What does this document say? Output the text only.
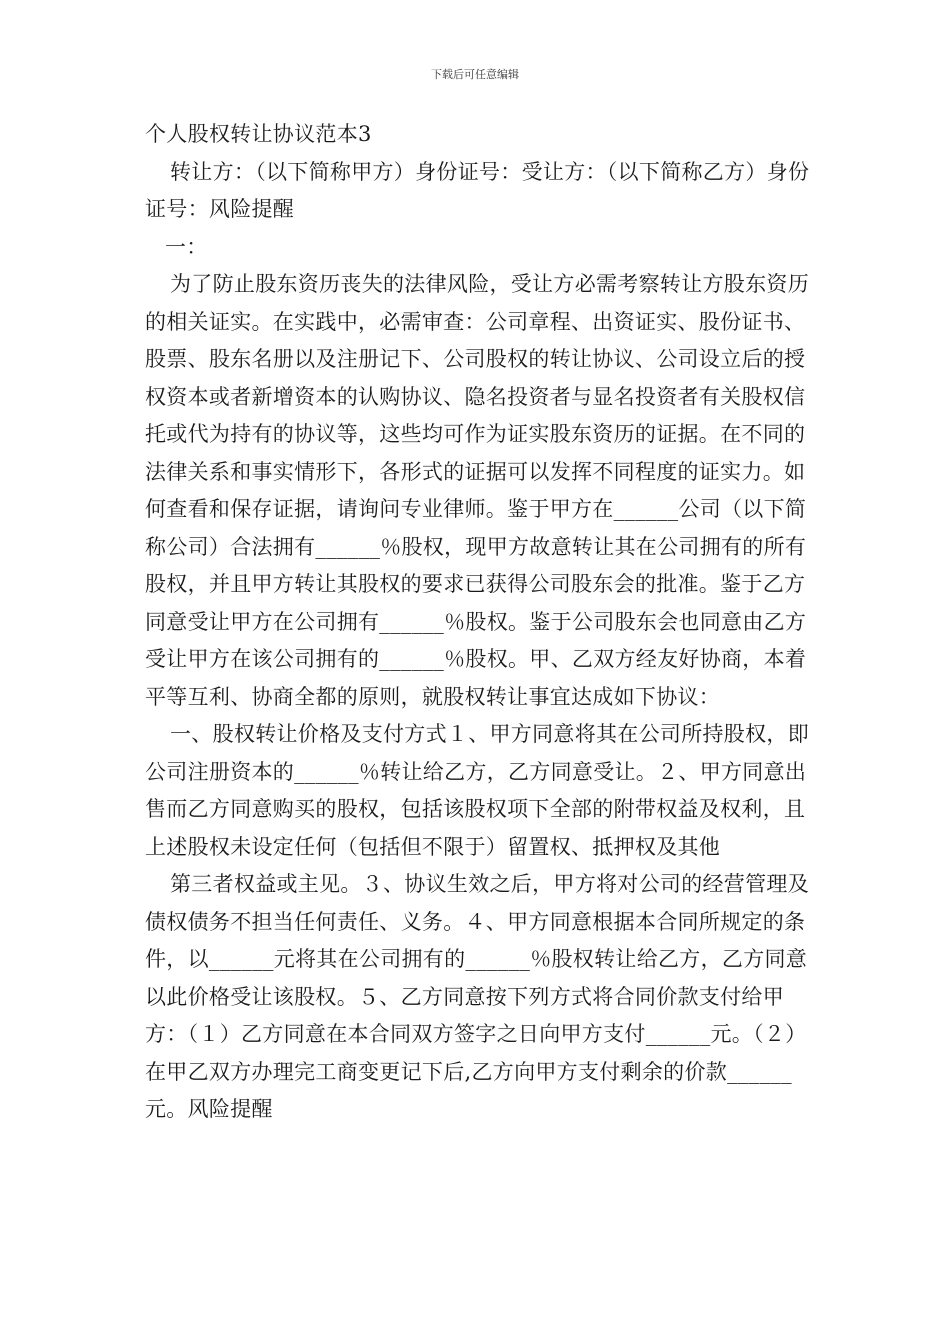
下载后可任意编辑

个人股权转让协议范本3

转让方：（以下简称甲方）身份证号：受让方：（以下简称乙方）身份证号：风险提醒

一：

为了防止股东资历丧失的法律风险，受让方必需考察转让方股东资历的相关证实。在实践中，必需审查：公司章程、出资证实、股份证书、股票、股东名册以及注册记下、公司股权的转让协议、公司设立后的授权资本或者新增资本的认购协议、隐名投资者与显名投资者有关股权信托或代为持有的协议等，这些均可作为证实股东资历的证据。在不同的法律关系和事实情形下，各形式的证据可以发挥不同程度的证实力。如何查看和保存证据，请询问专业律师。鉴于甲方在______公司（以下简称公司）合法拥有______％股权，现甲方故意转让其在公司拥有的所有股权，并且甲方转让其股权的要求已获得公司股东会的批准。鉴于乙方同意受让甲方在公司拥有______％股权。鉴于公司股东会也同意由乙方受让甲方在该公司拥有的______％股权。甲、乙双方经友好协商，本着平等互利、协商全都的原则，就股权转让事宜达成如下协议：

一、股权转让价格及支付方式１、甲方同意将其在公司所持股权，即公司注册资本的______％转让给乙方，乙方同意受让。２、甲方同意出售而乙方同意购买的股权，包括该股权项下全部的附带权益及权利，且上述股权未设定任何（包括但不限于）留置权、抵押权及其他

第三者权益或主见。３、协议生效之后，甲方将对公司的经营管理及债权债务不担当任何责任、义务。４、甲方同意根据本合同所规定的条件，以______元将其在公司拥有的______％股权转让给乙方，乙方同意以此价格受让该股权。５、乙方同意按下列方式将合同价款支付给甲方：（１）乙方同意在本合同双方签字之日向甲方支付______元。（２）在甲乙双方办理完工商变更记下后,乙方向甲方支付剩余的价款______元。风险提醒
